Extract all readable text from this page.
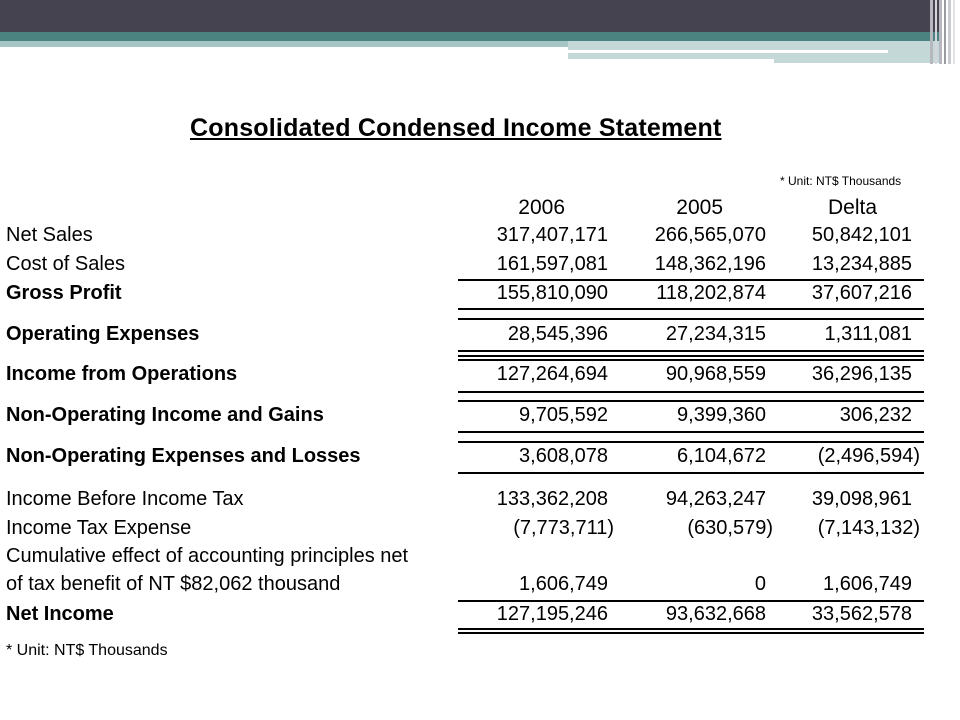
Consolidated Condensed Income Statement
* Unit: NT$ Thousands
2006	2005	Delta
Net Sales	317,407,171 266,565,070 50,842,101
Cost of Sales	161,597,081 148,362,196 13,234,885
Gross Profit	155,810,090 118,202,874 37,607,216
Operating Expenses	28,545,396	27,234,315	1,311,081
Income from Operations	127,264,694	90,968,559 36,296,135
Non-Operating Income and Gains	9,705,592	9,399,360	306,232
Non-Operating Expenses and Losses	3,608,078	6,104,672	(2,496,594)
Income Before Income Tax	133,362,208	94,263,247 39,098,961
Income Tax Expense	(7,773,711)	(630,579) (7,143,132)
Cumulative effect of accounting principles net
of tax benefit of NT $82,062 thousand	1,606,749	0	1,606,749
Net Income	127,195,246	93,632,668 33,562,578
* Unit: NT$ Thousands
